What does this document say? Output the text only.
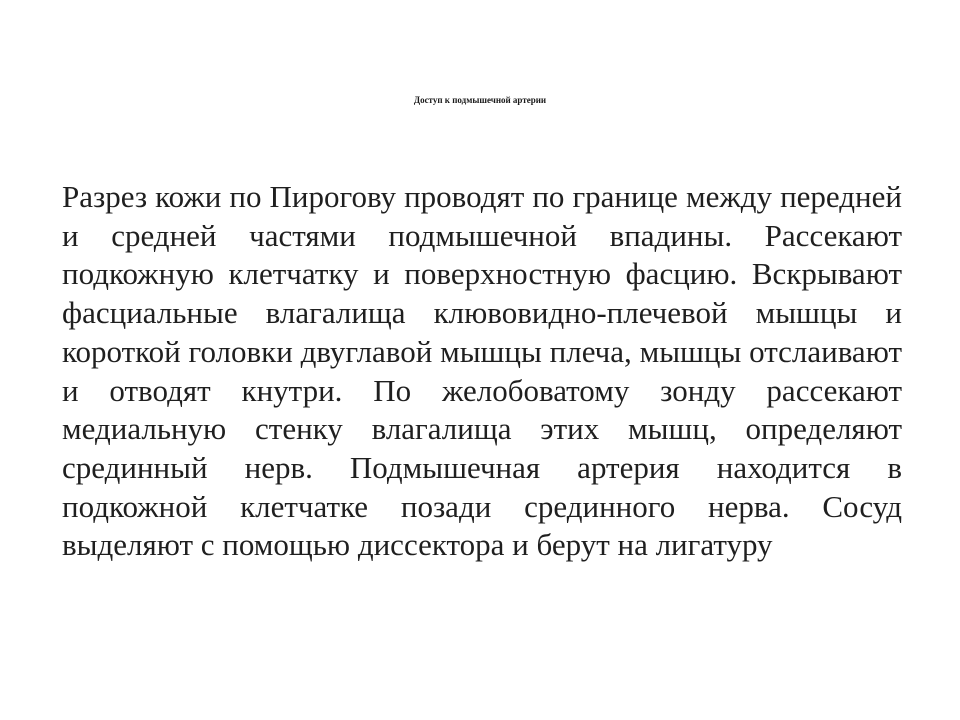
Доступ к подмышечной артерии

Разрез кожи по Пирогову проводят по границе между передней и средней частями подмышечной впадины. Рассекают подкожную клетчатку и поверхностную фасцию. Вскрывают фасциальные влагалища клювовидно-плечевой мышцы и короткой головки двуглавой мышцы плеча, мышцы отслаивают и отводят кнутри. По желобоватому зонду рассекают медиальную стенку влагалища этих мышц, определяют срединный нерв. Подмышечная артерия находится в подкожной клетчатке позади срединного нерва. Сосуд выделяют с помощью диссектора и берут на лигатуру
